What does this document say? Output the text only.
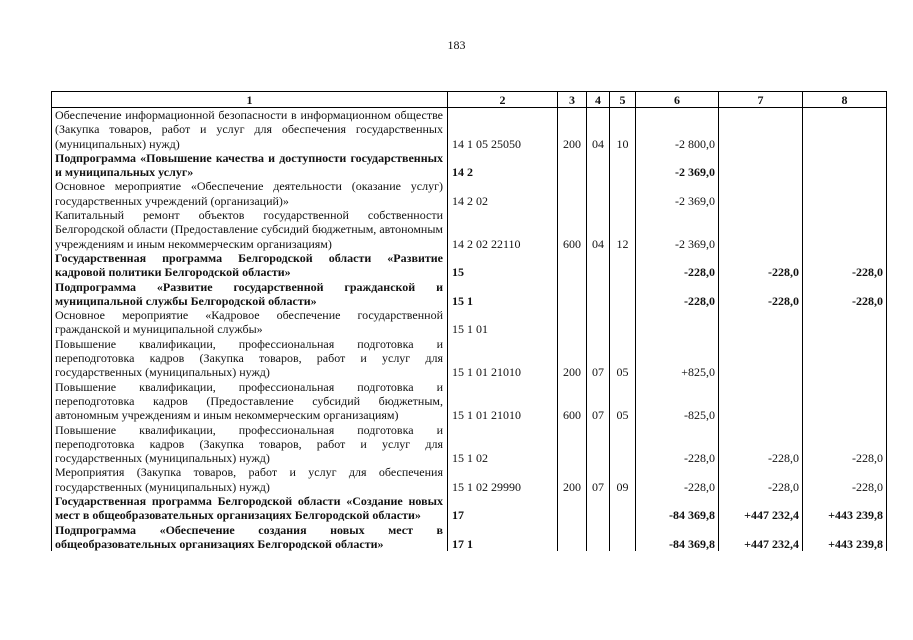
183
1	2	3	4	5	6	7	8
Обеспечение информационной безопасности в информационном обществе (Закупка товаров, работ и услуг для обеспечения государственных (муниципальных) нужд)	14 1 05 25050	200	04	10	-2 800,0		
Подпрограмма «Повышение качества и доступности государственных и муниципальных услуг»	14 2				-2 369,0		
Основное мероприятие «Обеспечение деятельности (оказание услуг) государственных учреждений (организаций)»	14 2 02				-2 369,0		
Капитальный ремонт объектов государственной собственности Белгородской области (Предоставление субсидий бюджетным, автономным учреждениям и иным некоммерческим организациям)	14 2 02 22110	600	04	12	-2 369,0		
Государственная программа Белгородской области «Развитие кадровой политики Белгородской области»	15				-228,0	-228,0	-228,0
Подпрограмма «Развитие государственной гражданской и муниципальной службы Белгородской области»	15 1				-228,0	-228,0	-228,0
Основное мероприятие «Кадровое обеспечение государственной гражданской и муниципальной службы»	15 1 01						
Повышение квалификации, профессиональная подготовка и переподготовка кадров (Закупка товаров, работ и услуг для государственных (муниципальных) нужд)	15 1 01 21010	200	07	05	+825,0		
Повышение квалификации, профессиональная подготовка и переподготовка кадров (Предоставление субсидий бюджетным, автономным учреждениям и иным некоммерческим организациям)	15 1 01 21010	600	07	05	-825,0		
Повышение квалификации, профессиональная подготовка и переподготовка кадров (Закупка товаров, работ и услуг для государственных (муниципальных) нужд)	15 1 02				-228,0	-228,0	-228,0
Мероприятия (Закупка товаров, работ и услуг для обеспечения государственных (муниципальных) нужд)	15 1 02 29990	200	07	09	-228,0	-228,0	-228,0
Государственная программа Белгородской области «Создание новых мест в общеобразовательных организациях Белгородской области»	17				-84 369,8	+447 232,4	+443 239,8
Подпрограмма «Обеспечение создания новых мест в общеобразовательных организациях Белгородской области»	17 1				-84 369,8	+447 232,4	+443 239,8
